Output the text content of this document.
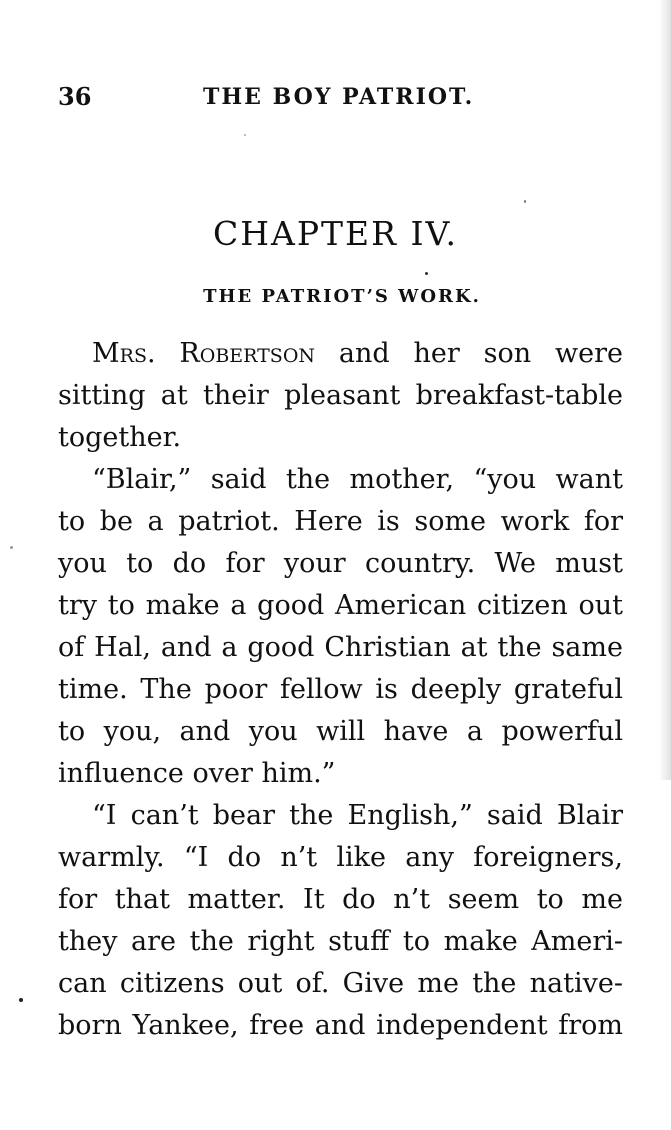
36	THE BOY PATRIOT.
CHAPTER IV.
THE PATRIOT’S WORK.

Mrs. Robertson and her son were
sitting at their pleasant breakfast-table
together.

“Blair,” said the mother, “you want
to be a patriot. Here is some work for
you to do for your country. We must
try to make a good American citizen out
of Hal, and a good Christian at the same
time. The poor fellow is deeply grateful
to you, and you will have a powerful
influence over him.”

“I can’t bear the English,” said Blair
warmly. “I do n’t like any foreigners,
for that matter. It do n’t seem to me
they are the right stuff to make Ameri-
can citizens out of. Give me the native-
born Yankee, free and independent from
